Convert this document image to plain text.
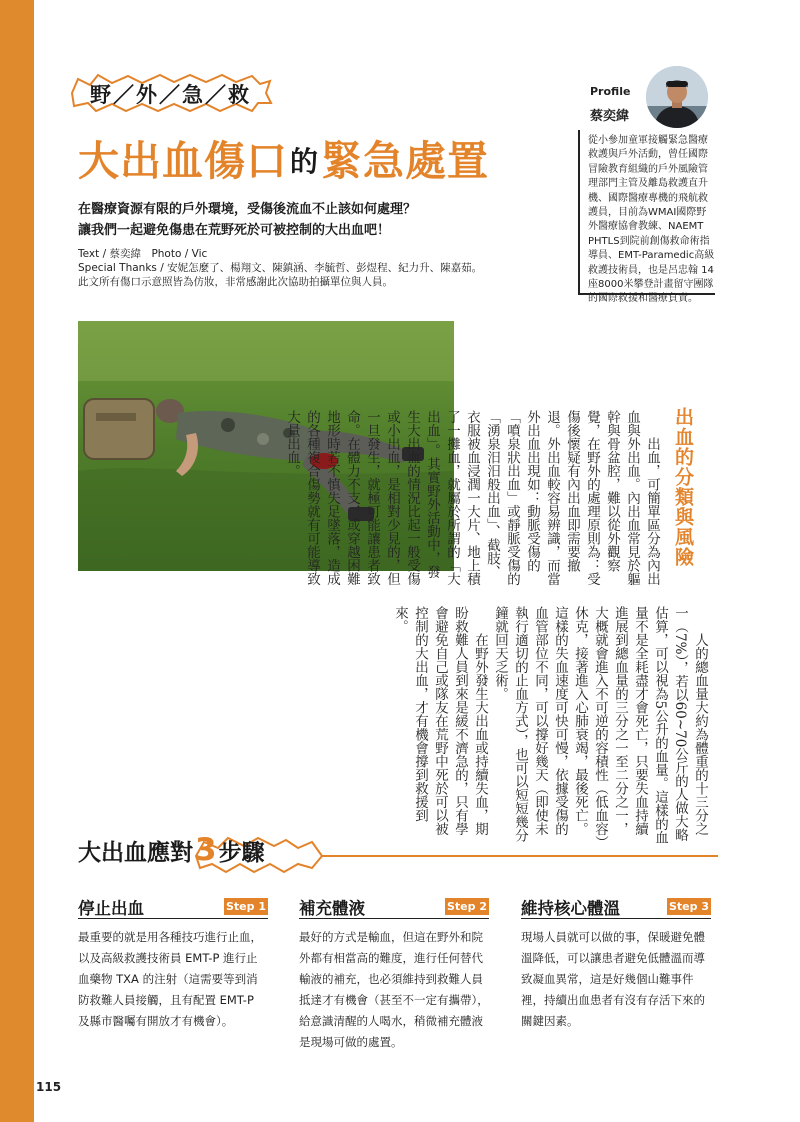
115
野／外／急／救
大出血傷口的緊急處置
在醫療資源有限的戶外環境，受傷後流血不止該如何處理？
讓我們一起避免傷患在荒野死於可被控制的大出血吧！
Text / 蔡奕緯　Photo / Vic
Special Thanks / 安妮怎麼了、楊翔文、陳鎮涵、李毓哲、彭煜程、紀力升、陳嘉茹。
此文所有傷口示意照皆為仿妝，非常感謝此次協助拍攝單位與人員。
Profile
蔡奕緯
從小參加童軍接觸緊急醫療救護與戶外活動，曾任國際冒險教育組織的戶外風險管理部門主管及離島救護直升機、國際醫療專機的飛航救護員，目前為WMAI國際野外醫療協會教練、NAEMT PHTLS到院前創傷救命術指導員、EMT-Paramedic高級救護技術員，也是呂忠翰 14座8000米攀登計畫留守團隊的國際救援和醫療負責。
出血的分類與風險

出血，可簡單區分為內出血與外出血。內出血常見於軀幹與骨盆腔，難以從外觀察覺，在野外的處理原則為：受傷後懷疑有內出血即需要撤退。外出血較容易辨識，而當外出血出現如：動脈受傷的「噴泉狀出血」或靜脈受傷的「湧泉汨汨般出血」、截肢、衣服被血浸潤一大片、地上積了一攤血，就屬於所謂的「大出血」。其實野外活動中，發生大出血的情況比起一般受傷或小出血，是相對少見的，但一旦發生，就極可能讓患者致命。在體力不支，或穿越困難地形時若不慎失足墜落，造成的各種複合傷勢就有可能導致大量出血。

人的總血量大約為體重的十三分之一（7%），若以60~70公斤的人做大略估算，可以視為5公升的血量。這樣的血量不是全耗盡才會死亡，只要失血持續進展到總血量的三分之一至二分之一，大概就會進入不可逆的容積性（低血容）休克，接著進入心肺衰竭，最後死亡。這樣的失血速度可快可慢，依據受傷的血管部位不同，可以撐好幾天（即使未執行適切的止血方式），也可以短短幾分鐘就回天乏術。

在野外發生大出血或持續失血，期盼救難人員到來是緩不濟急的，只有學會避免自己或隊友在荒野中死於可以被控制的大出血，才有機會撐到救援到來。

大出血應對3步驟
停止出血	Step 1
最重要的就是用各種技巧進行止血，以及高級救護技術員 EMT-P 進行止血藥物 TXA 的注射（這需要等到消防救難人員接觸，且有配置 EMT-P 及縣市醫囑有開放才有機會）。
補充體液	Step 2
最好的方式是輸血，但這在野外和院外都有相當高的難度，進行任何替代輸液的補充，也必須維持到救難人員抵達才有機會（甚至不一定有攜帶），給意識清醒的人喝水，稍微補充體液是現場可做的處置。
維持核心體溫	Step 3
現場人員就可以做的事，保暖避免體溫降低，可以讓患者避免低體溫而導致凝血異常，這是好幾個山難事件裡，持續出血患者有沒有存活下來的關鍵因素。
